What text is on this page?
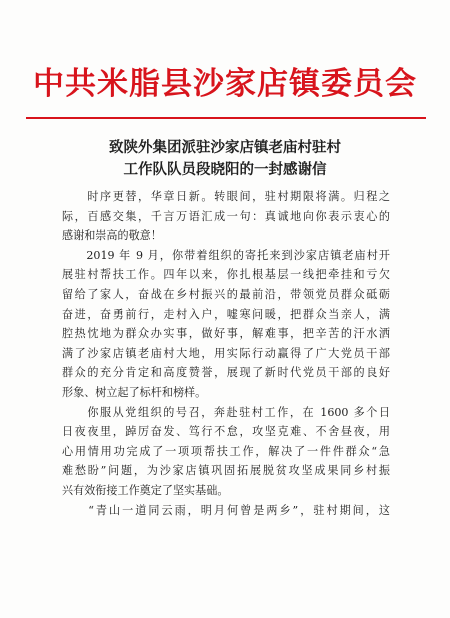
中共米脂县沙家店镇委员会
致陕外集团派驻沙家店镇老庙村驻村
工作队队员段晓阳的一封感谢信
　　时序更替，华章日新。转眼间，驻村期限将满。归程之
际，百感交集，千言万语汇成一句：真诚地向你表示衷心的
感谢和崇高的敬意！
　　2019 年 9 月，你带着组织的寄托来到沙家店镇老庙村开
展驻村帮扶工作。四年以来，你扎根基层一线把牵挂和亏欠
留给了家人，奋战在乡村振兴的最前沿，带领党员群众砥砺
奋进，奋勇前行，走村入户，嘘寒问暖，把群众当亲人，满
腔热忱地为群众办实事，做好事，解难事，把辛苦的汗水洒
满了沙家店镇老庙村大地，用实际行动赢得了广大党员干部
群众的充分肯定和高度赞誉，展现了新时代党员干部的良好
形象、树立起了标杆和榜样。
　　你服从党组织的号召，奔赴驻村工作，在 1600 多个日
日夜夜里，踔厉奋发、笃行不怠，攻坚克难、不舍昼夜，用
心用情用功完成了一项项帮扶工作，解决了一件件群众“急
难愁盼”问题，为沙家店镇巩固拓展脱贫攻坚成果同乡村振
兴有效衔接工作奠定了坚实基础。
　　“青山一道同云雨，明月何曾是两乡”，驻村期间，这
